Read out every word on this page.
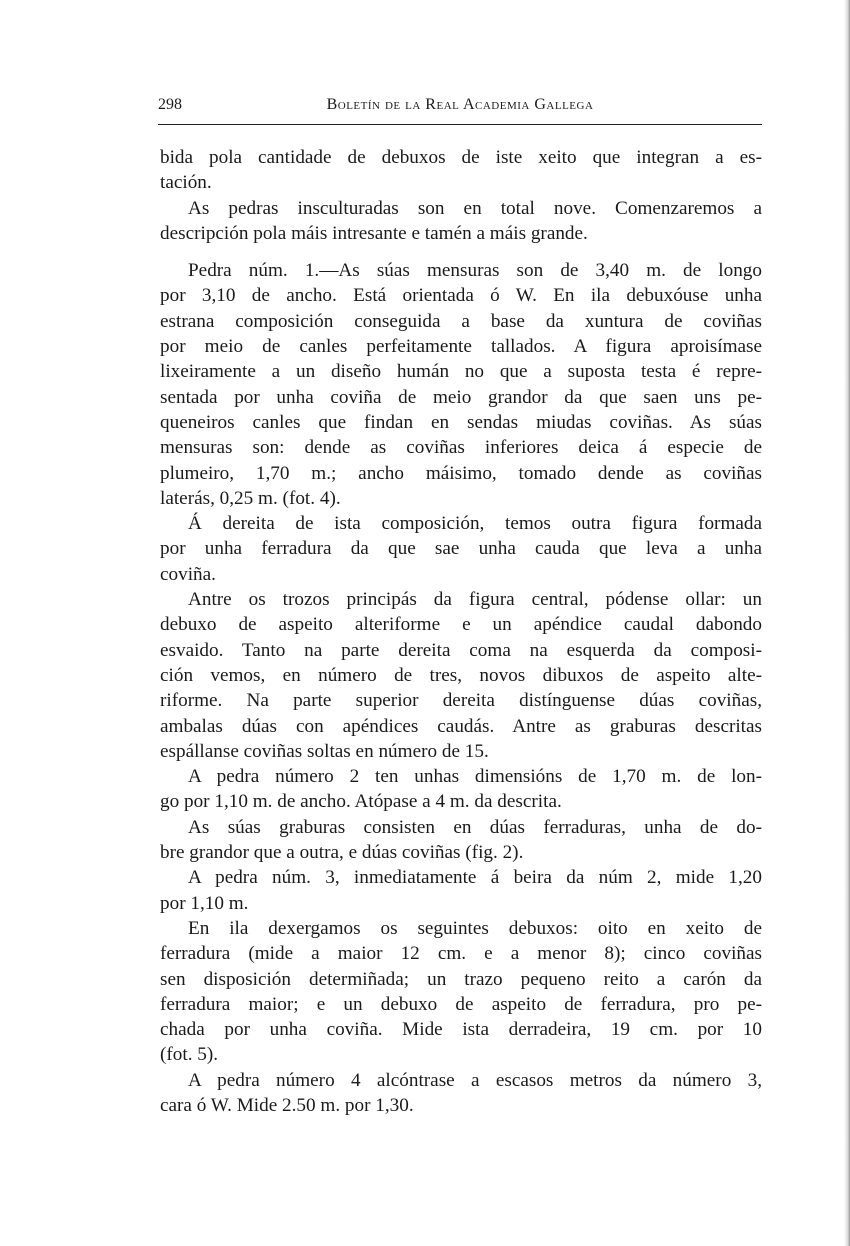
298	Boletín de la Real Academia Gallega
bida pola cantidade de debuxos de iste xeito que integran a es-
tación.
As pedras insculturadas son en total nove. Comenzaremos a
descripción pola máis intresante e tamén a máis grande.
Pedra núm. 1.—As súas mensuras son de 3,40 m. de longo
por 3,10 de ancho. Está orientada ó W. En ila debuxóuse unha
estrana composición conseguida a base da xuntura de coviñas
por meio de canles perfeitamente tallados. A figura aproisímase
lixeiramente a un diseño humán no que a suposta testa é repre-
sentada por unha coviña de meio grandor da que saen uns pe-
queneiros canles que findan en sendas miudas coviñas. As súas
mensuras son: dende as coviñas inferiores deica á especie de
plumeiro, 1,70 m.; ancho máisimo, tomado dende as coviñas
laterás, 0,25 m. (fot. 4).
Á dereita de ista composición, temos outra figura formada
por unha ferradura da que sae unha cauda que leva a unha
coviña.
Antre os trozos principás da figura central, pódense ollar: un
debuxo de aspeito alteriforme e un apéndice caudal dabondo
esvaido. Tanto na parte dereita coma na esquerda da composi-
ción vemos, en número de tres, novos dibuxos de aspeito alte-
riforme. Na parte superior dereita distínguense dúas coviñas,
ambalas dúas con apéndices caudás. Antre as graburas descritas
espállanse coviñas soltas en número de 15.
A pedra número 2 ten unhas dimensións de 1,70 m. de lon-
go por 1,10 m. de ancho. Atópase a 4 m. da descrita.
As súas graburas consisten en dúas ferraduras, unha de do-
bre grandor que a outra, e dúas coviñas (fig. 2).
A pedra núm. 3, inmediatamente á beira da núm 2, mide 1,20
por 1,10 m.
En ila dexergamos os seguintes debuxos: oito en xeito de
ferradura (mide a maior 12 cm. e a menor 8); cinco coviñas
sen disposición determiñada; un trazo pequeno reito a carón da
ferradura maior; e un debuxo de aspeito de ferradura, pro pe-
chada por unha coviña. Mide ista derradeira, 19 cm. por 10
(fot. 5).
A pedra número 4 alcóntrase a escasos metros da número 3,
cara ó W. Mide 2.50 m. por 1,30.
